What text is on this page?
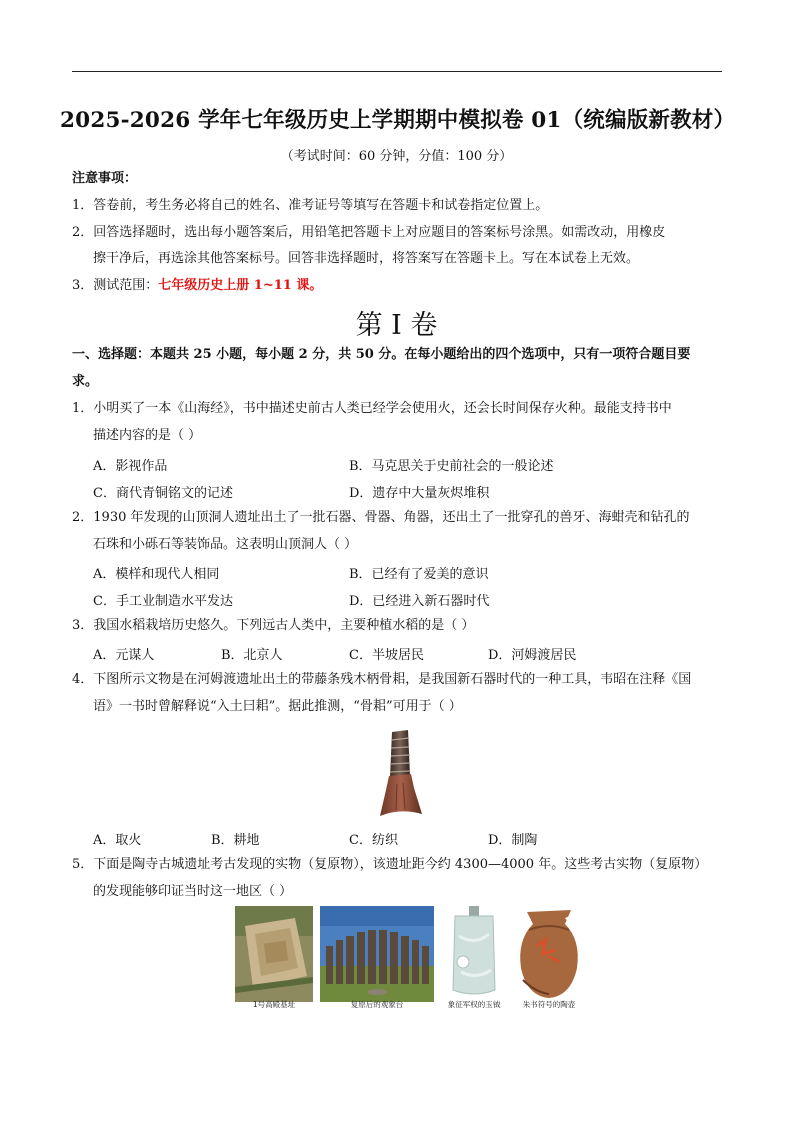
2025-2026 学年七年级历史上学期期中模拟卷 01（统编版新教材）
（考试时间：60 分钟，分值：100 分）
注意事项：
1．答卷前，考生务必将自己的姓名、准考证号等填写在答题卡和试卷指定位置上。
2．回答选择题时，选出每小题答案后，用铅笔把答题卡上对应题目的答案标号涂黑。如需改动，用橡皮
擦干净后，再选涂其他答案标号。回答非选择题时，将答案写在答题卡上。写在本试卷上无效。
3．测试范围：七年级历史上册 1~11 课。
第 I 卷
一、选择题：本题共 25 小题，每小题 2 分，共 50 分。在每小题给出的四个选项中，只有一项符合题目要
求。
1．小明买了一本《山海经》，书中描述史前古人类已经学会使用火，还会长时间保存火种。最能支持书中
描述内容的是（ ）
A．影视作品	B．马克思关于史前社会的一般论述
C．商代青铜铭文的记述	D．遗存中大量灰烬堆积
2．1930 年发现的山顶洞人遗址出土了一批石器、骨器、角器，还出土了一批穿孔的兽牙、海蚶壳和钻孔的
石珠和小砾石等装饰品。这表明山顶洞人（ ）
A．模样和现代人相同	B．已经有了爱美的意识
C．手工业制造水平发达	D．已经进入新石器时代
3．我国水稻栽培历史悠久。下列远古人类中，主要种植水稻的是（ ）
A．元谋人	B．北京人	C．半坡居民	D．河姆渡居民
4．下图所示文物是在河姆渡遗址出土的带藤条残木柄骨耜，是我国新石器时代的一种工具，韦昭在注释《国
语》一书时曾解释说“入土曰耜”。据此推测，“骨耜”可用于（ ）
A．取火	B．耕地	C．纺织	D．制陶
5．下面是陶寺古城遗址考古发现的实物（复原物），该遗址距今约 4300—4000 年。这些考古实物（复原物）
的发现能够印证当时这一地区（ ）
1号高殿基址	复原后的观象台	象征军权的玉钺	朱书符号的陶壶
